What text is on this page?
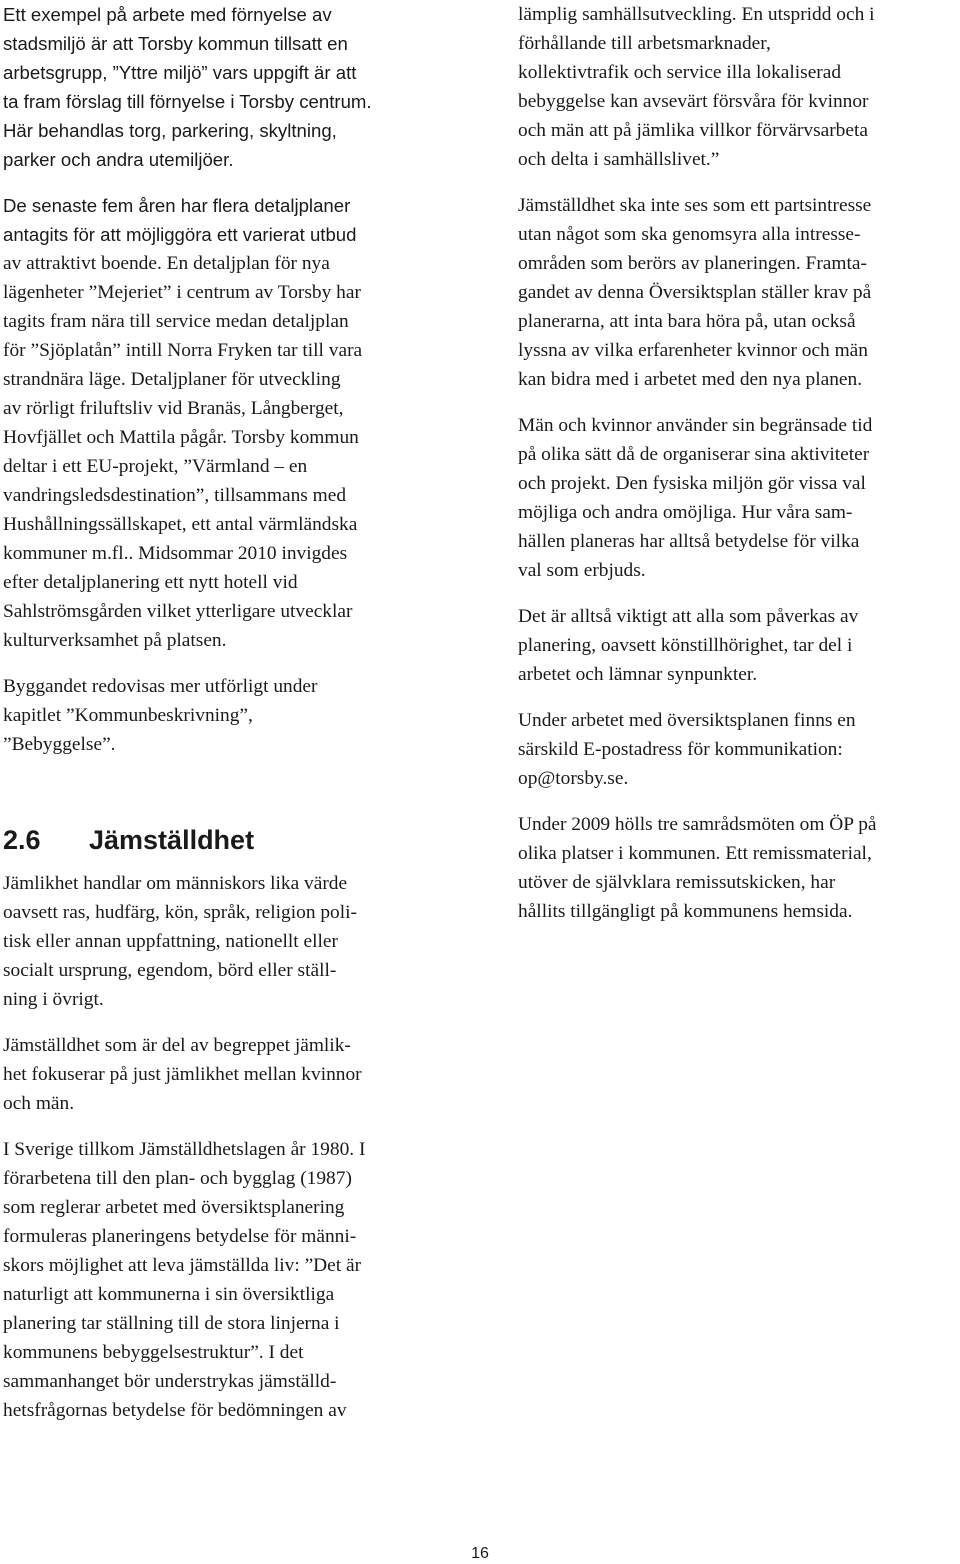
Ett exempel på arbete med förnyelse av

stadsmiljö är att Torsby kommun tillsatt en

arbetsgrupp, ”Yttre miljö” vars uppgift är att

ta fram förslag till förnyelse i Torsby centrum.

Här behandlas torg, parkering, skyltning,

parker och andra utemiljöer.

De senaste fem åren har flera detaljplaner

antagits för att möjliggöra ett varierat utbud

av attraktivt boende. En detaljplan för nya

lägenheter ”Mejeriet” i centrum av Torsby har

tagits fram nära till service medan detaljplan

för ”Sjöplatån” intill Norra Fryken tar till vara

strandnära läge. Detaljplaner för utveckling

av rörligt friluftsliv vid Branäs, Långberget,

Hovfjället och Mattila pågår. Torsby kommun

deltar i ett EU-projekt, ”Värmland – en

vandringsledsdestination”, tillsammans med

Hushållningssällskapet, ett antal värmländska

kommuner m.fl.. Midsommar 2010 invigdes

efter detaljplanering ett nytt hotell vid

Sahlströmsgården vilket ytterligare utvecklar

kulturverksamhet på platsen.

Byggandet redovisas mer utförligt under

kapitlet ”Kommunbeskrivning”,

”Bebyggelse”.

2.6 Jämställdhet

Jämlikhet handlar om människors lika värde

oavsett ras, hudfärg, kön, språk, religion poli-

tisk eller annan uppfattning, nationellt eller

socialt ursprung, egendom, börd eller ställ-

ning i övrigt.

Jämställdhet som är del av begreppet jämlik-

het fokuserar på just jämlikhet mellan kvinnor

och män.

I Sverige tillkom Jämställdhetslagen år 1980. I

förarbetena till den plan- och bygglag (1987)

som reglerar arbetet med översiktsplanering

formuleras planeringens betydelse för männi-

skors möjlighet att leva jämställda liv: ”Det är

naturligt att kommunerna i sin översiktliga

planering tar ställning till de stora linjerna i

kommunens bebyggelsestruktur”. I det

sammanhanget bör understrykas jämställd-

hetsfrågornas betydelse för bedömningen av

lämplig samhällsutveckling. En utspridd och i

förhållande till arbetsmarknader,

kollektivtrafik och service illa lokaliserad

bebyggelse kan avsevärt försvåra för kvinnor

och män att på jämlika villkor förvärvsarbeta

och delta i samhällslivet.”

Jämställdhet ska inte ses som ett partsintresse

utan något som ska genomsyra alla intresse-

områden som berörs av planeringen. Framta-

gandet av denna Översiktsplan ställer krav på

planerarna, att inta bara höra på, utan också

lyssna av vilka erfarenheter kvinnor och män

kan bidra med i arbetet med den nya planen.

Män och kvinnor använder sin begränsade tid

på olika sätt då de organiserar sina aktiviteter

och projekt. Den fysiska miljön gör vissa val

möjliga och andra omöjliga. Hur våra sam-

hällen planeras har alltså betydelse för vilka

val som erbjuds.

Det är alltså viktigt att alla som påverkas av

planering, oavsett könstillhörighet, tar del i

arbetet och lämnar synpunkter.

Under arbetet med översiktsplanen finns en

särskild E-postadress för kommunikation:

op@torsby.se.

Under 2009 hölls tre samrådsmöten om ÖP på

olika platser i kommunen. Ett remissmaterial,

utöver de självklara remissutskicken, har

hållits tillgängligt på kommunens hemsida.

16
